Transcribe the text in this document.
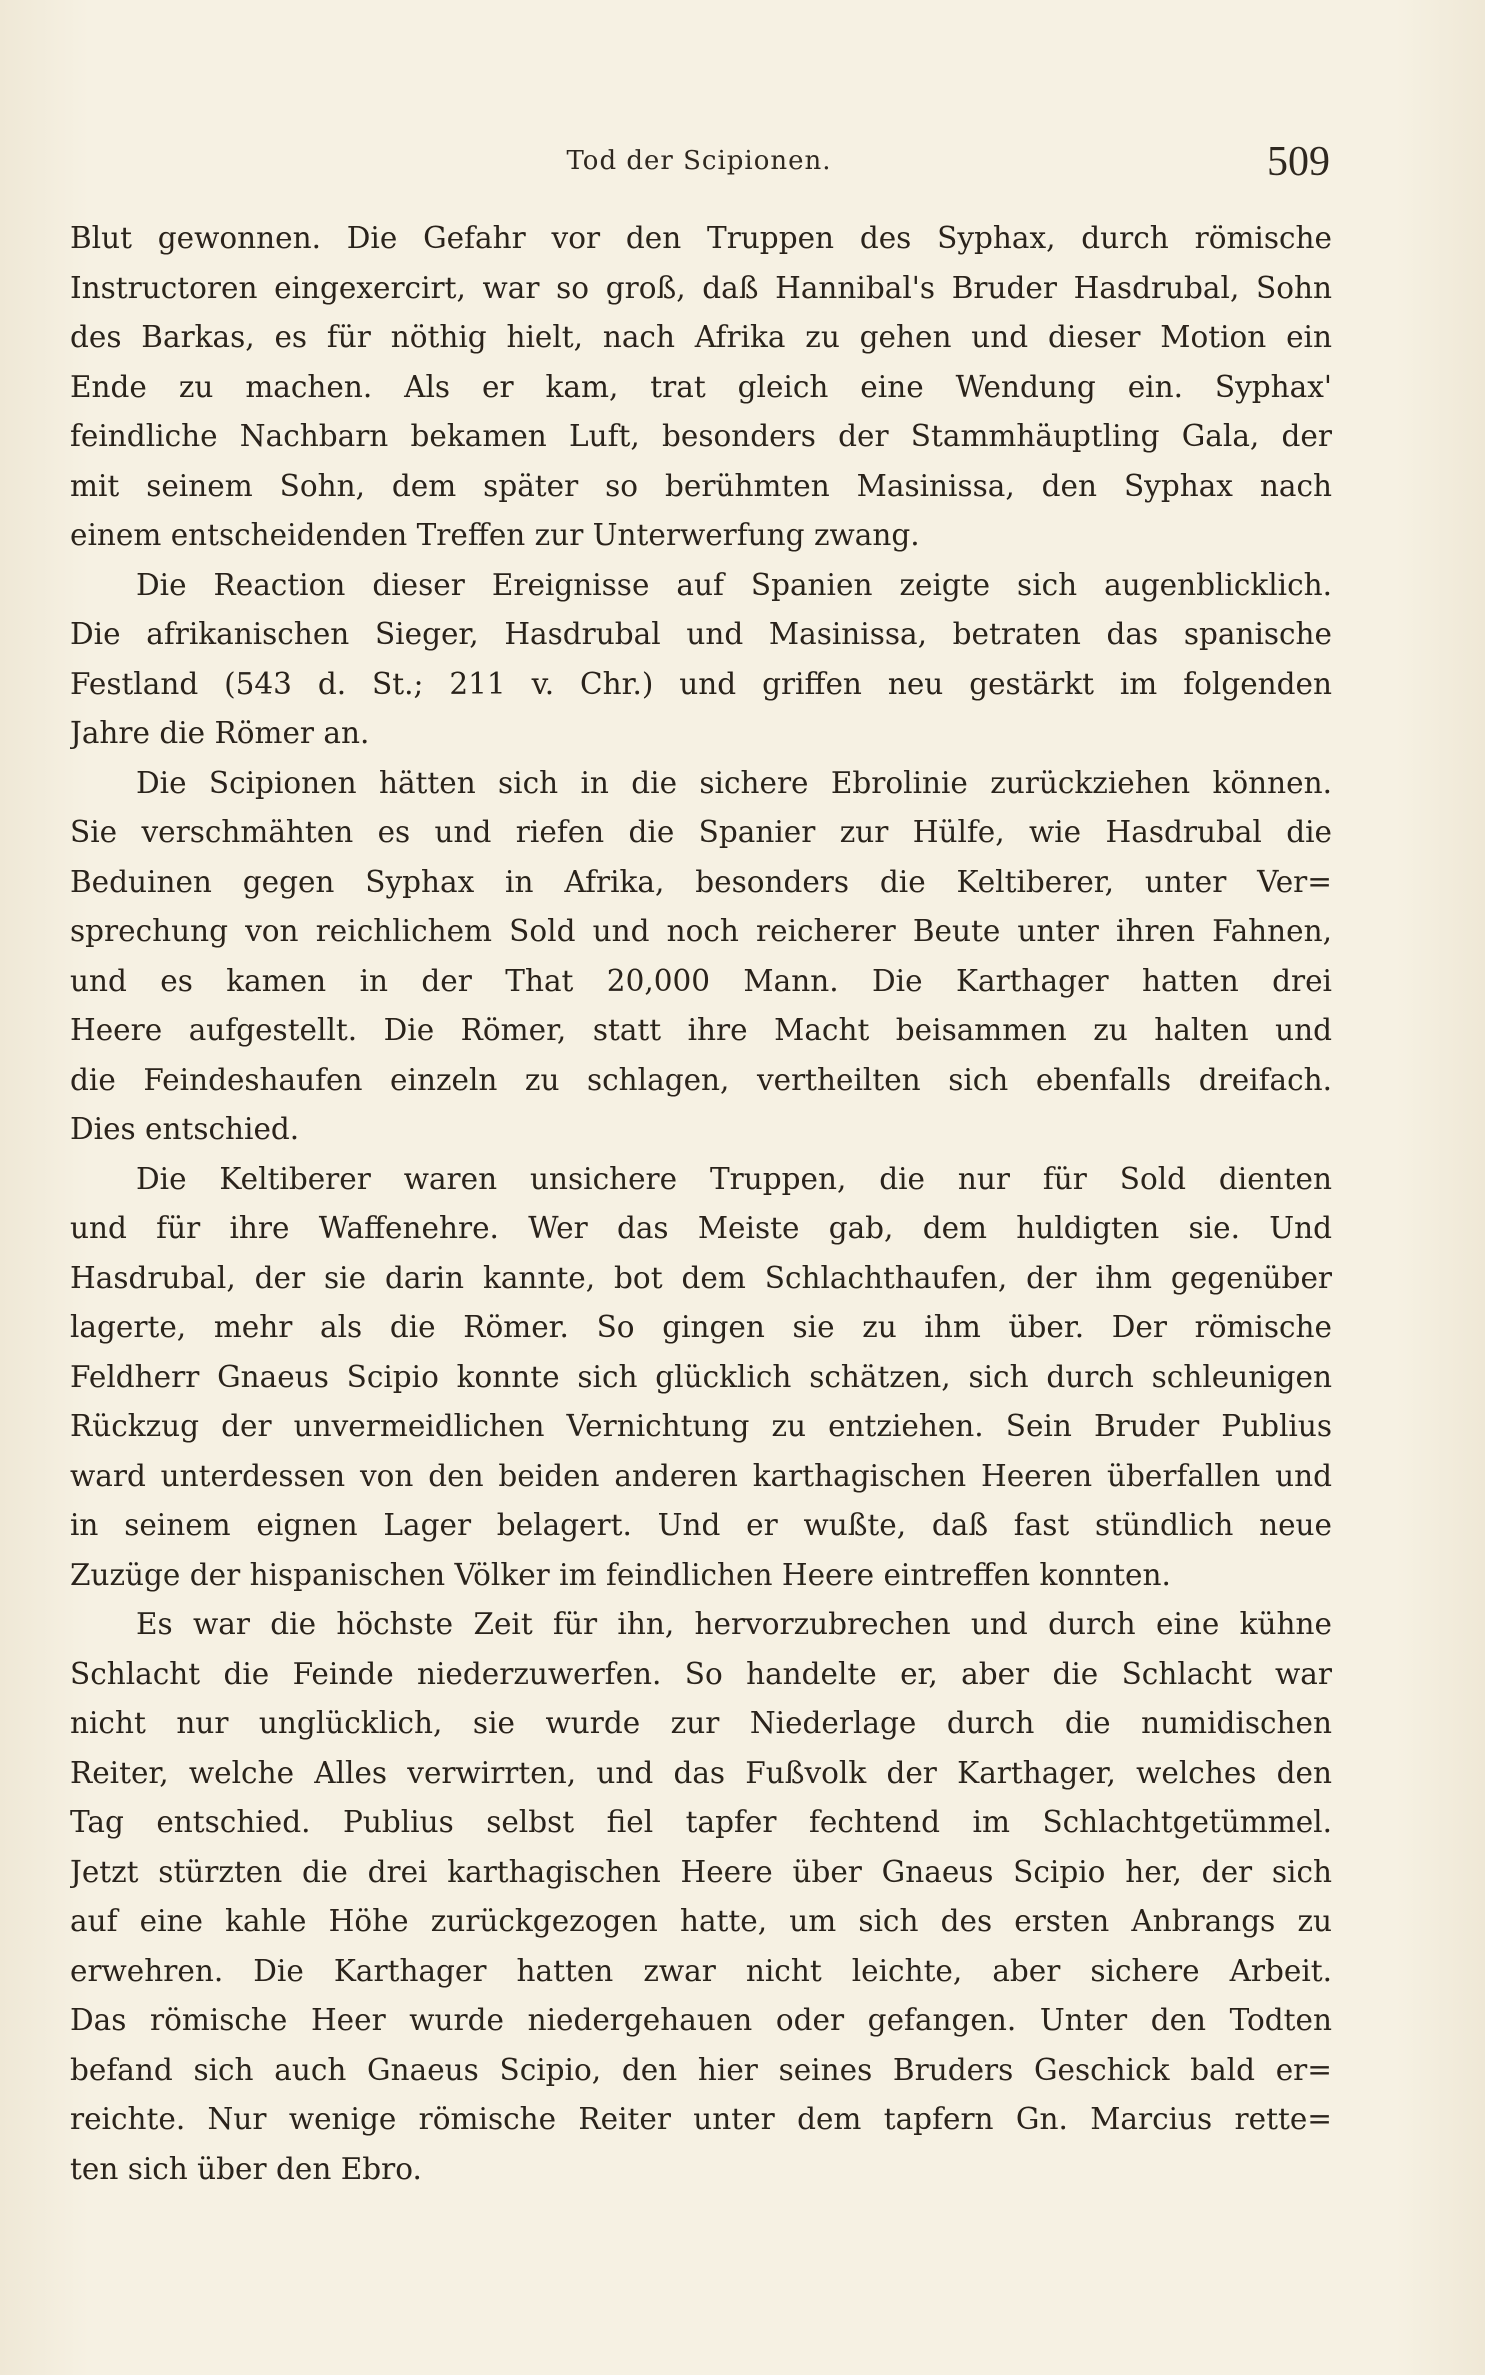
Tod der Scipionen.	509
Blut gewonnen. Die Gefahr vor den Truppen des Syphax, durch römische
Instructoren eingexercirt, war so groß, daß Hannibal's Bruder Hasdrubal, Sohn
des Barkas, es für nöthig hielt, nach Afrika zu gehen und dieser Motion ein
Ende zu machen. Als er kam, trat gleich eine Wendung ein. Syphax'
feindliche Nachbarn bekamen Luft, besonders der Stammhäuptling Gala, der
mit seinem Sohn, dem später so berühmten Masinissa, den Syphax nach
einem entscheidenden Treffen zur Unterwerfung zwang.
Die Reaction dieser Ereignisse auf Spanien zeigte sich augenblicklich.
Die afrikanischen Sieger, Hasdrubal und Masinissa, betraten das spanische
Festland (543 d. St.; 211 v. Chr.) und griffen neu gestärkt im folgenden
Jahre die Römer an.
Die Scipionen hätten sich in die sichere Ebrolinie zurückziehen können.
Sie verschmähten es und riefen die Spanier zur Hülfe, wie Hasdrubal die
Beduinen gegen Syphax in Afrika, besonders die Keltiberer, unter Ver=
sprechung von reichlichem Sold und noch reicherer Beute unter ihren Fahnen,
und es kamen in der That 20,000 Mann. Die Karthager hatten drei
Heere aufgestellt. Die Römer, statt ihre Macht beisammen zu halten und
die Feindeshaufen einzeln zu schlagen, vertheilten sich ebenfalls dreifach.
Dies entschied.
Die Keltiberer waren unsichere Truppen, die nur für Sold dienten
und für ihre Waffenehre. Wer das Meiste gab, dem huldigten sie. Und
Hasdrubal, der sie darin kannte, bot dem Schlachthaufen, der ihm gegenüber
lagerte, mehr als die Römer. So gingen sie zu ihm über. Der römische
Feldherr Gnaeus Scipio konnte sich glücklich schätzen, sich durch schleunigen
Rückzug der unvermeidlichen Vernichtung zu entziehen. Sein Bruder Publius
ward unterdessen von den beiden anderen karthagischen Heeren überfallen und
in seinem eignen Lager belagert. Und er wußte, daß fast stündlich neue
Zuzüge der hispanischen Völker im feindlichen Heere eintreffen konnten.
Es war die höchste Zeit für ihn, hervorzubrechen und durch eine kühne
Schlacht die Feinde niederzuwerfen. So handelte er, aber die Schlacht war
nicht nur unglücklich, sie wurde zur Niederlage durch die numidischen
Reiter, welche Alles verwirrten, und das Fußvolk der Karthager, welches den
Tag entschied. Publius selbst fiel tapfer fechtend im Schlachtgetümmel.
Jetzt stürzten die drei karthagischen Heere über Gnaeus Scipio her, der sich
auf eine kahle Höhe zurückgezogen hatte, um sich des ersten Anbrangs zu
erwehren. Die Karthager hatten zwar nicht leichte, aber sichere Arbeit.
Das römische Heer wurde niedergehauen oder gefangen. Unter den Todten
befand sich auch Gnaeus Scipio, den hier seines Bruders Geschick bald er=
reichte. Nur wenige römische Reiter unter dem tapfern Gn. Marcius rette=
ten sich über den Ebro.
